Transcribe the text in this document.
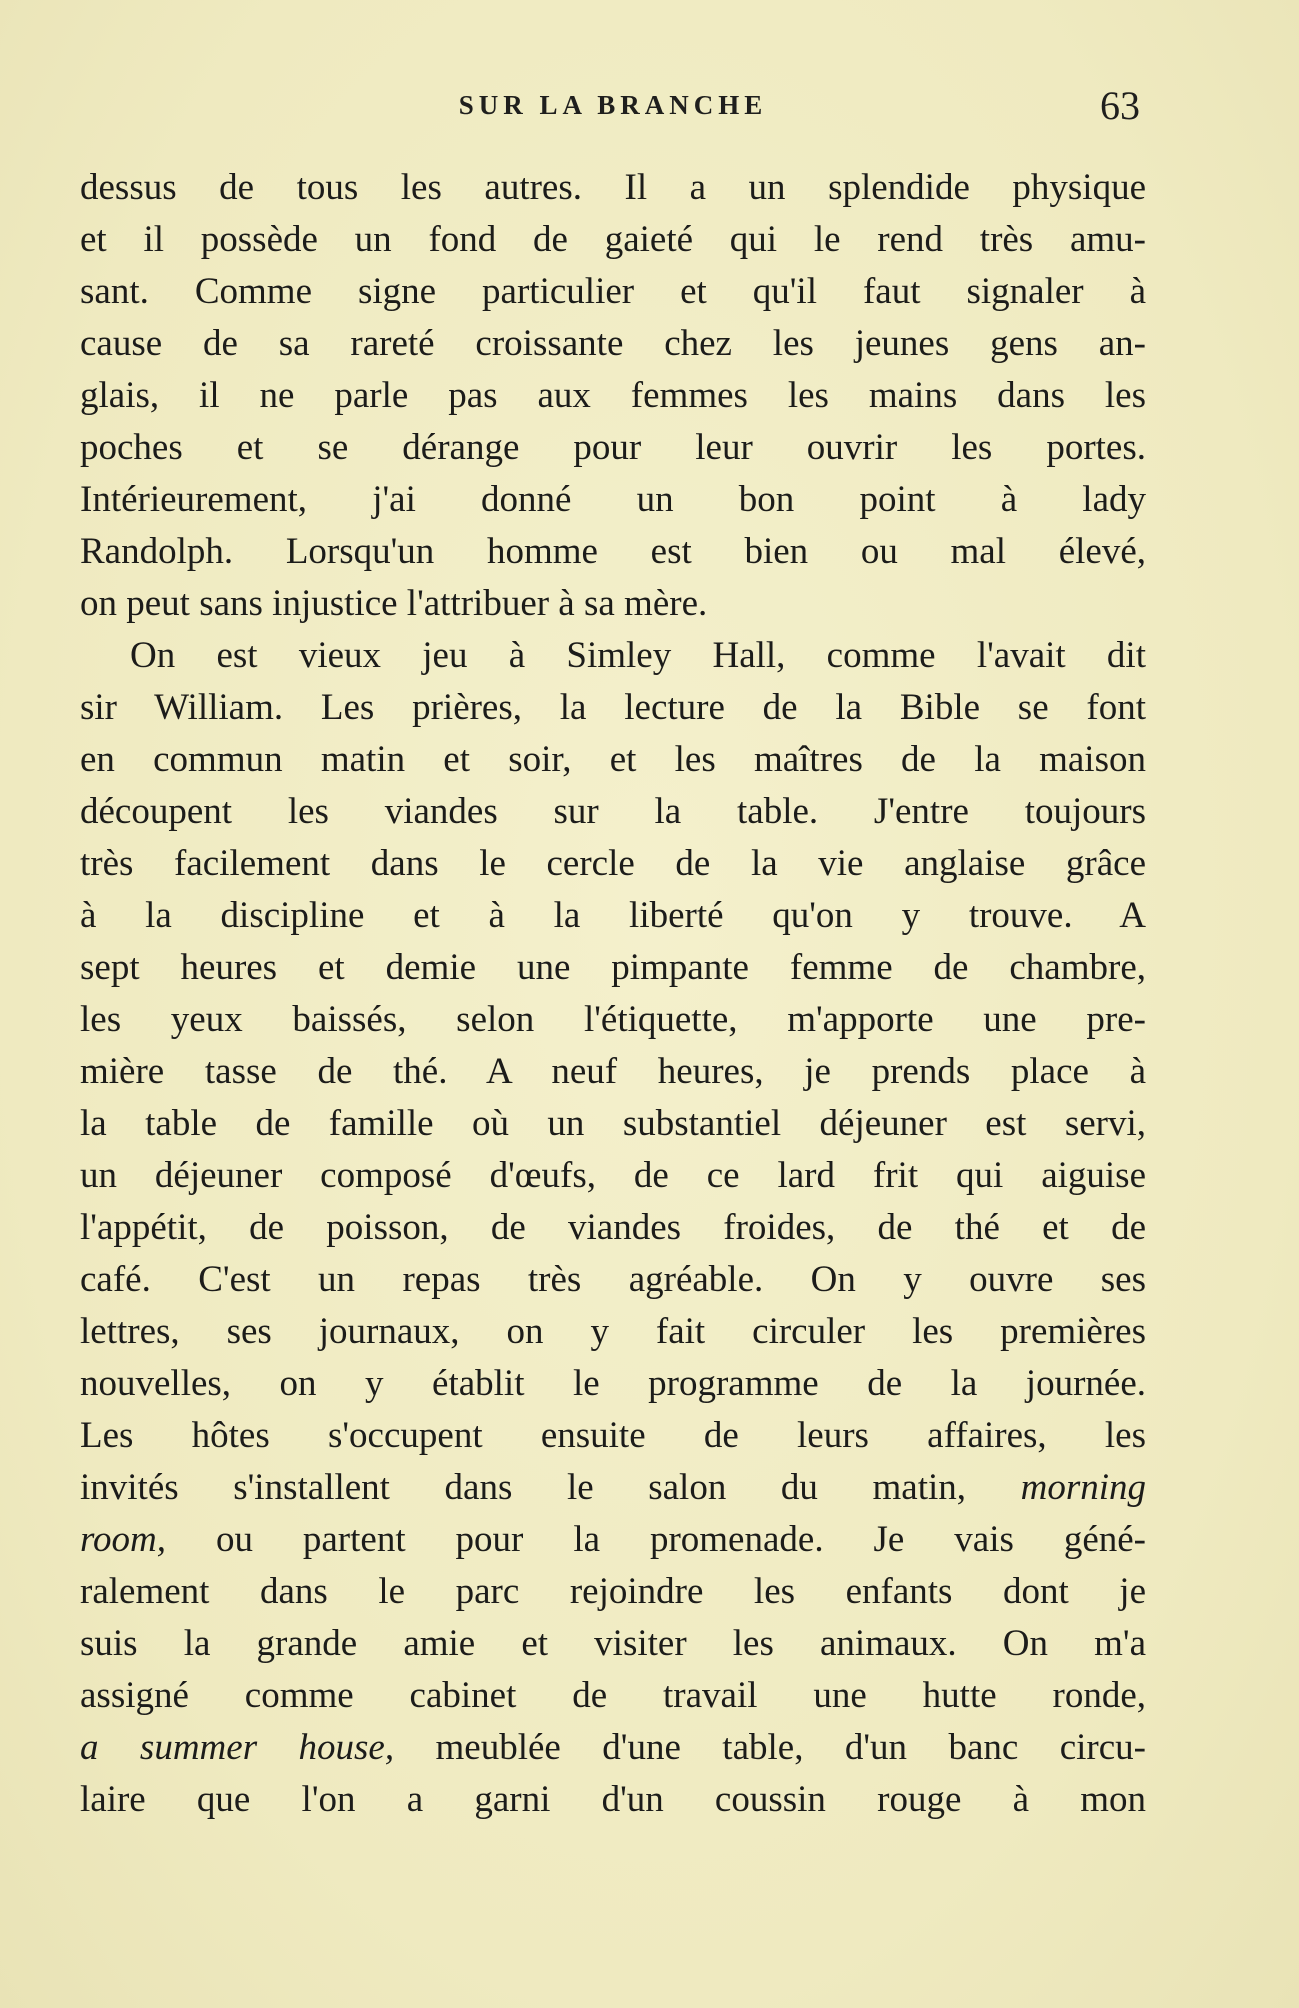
SUR LA BRANCHE	63
dessus de tous les autres. Il a un splendide physique
et il possède un fond de gaieté qui le rend très amu-
sant. Comme signe particulier et qu'il faut signaler à
cause de sa rareté croissante chez les jeunes gens an-
glais, il ne parle pas aux femmes les mains dans les
poches et se dérange pour leur ouvrir les portes.
Intérieurement, j'ai donné un bon point à lady
Randolph. Lorsqu'un homme est bien ou mal élevé,
on peut sans injustice l'attribuer à sa mère.
On est vieux jeu à Simley Hall, comme l'avait dit
sir William. Les prières, la lecture de la Bible se font
en commun matin et soir, et les maîtres de la maison
découpent les viandes sur la table. J'entre toujours
très facilement dans le cercle de la vie anglaise grâce
à la discipline et à la liberté qu'on y trouve. A
sept heures et demie une pimpante femme de chambre,
les yeux baissés, selon l'étiquette, m'apporte une pre-
mière tasse de thé. A neuf heures, je prends place à
la table de famille où un substantiel déjeuner est servi,
un déjeuner composé d'œufs, de ce lard frit qui aiguise
l'appétit, de poisson, de viandes froides, de thé et de
café. C'est un repas très agréable. On y ouvre ses
lettres, ses journaux, on y fait circuler les premières
nouvelles, on y établit le programme de la journée.
Les hôtes s'occupent ensuite de leurs affaires, les
invités s'installent dans le salon du matin, morning
room, ou partent pour la promenade. Je vais géné-
ralement dans le parc rejoindre les enfants dont je
suis la grande amie et visiter les animaux. On m'a
assigné comme cabinet de travail une hutte ronde,
a summer house, meublée d'une table, d'un banc circu-
laire que l'on a garni d'un coussin rouge à mon
